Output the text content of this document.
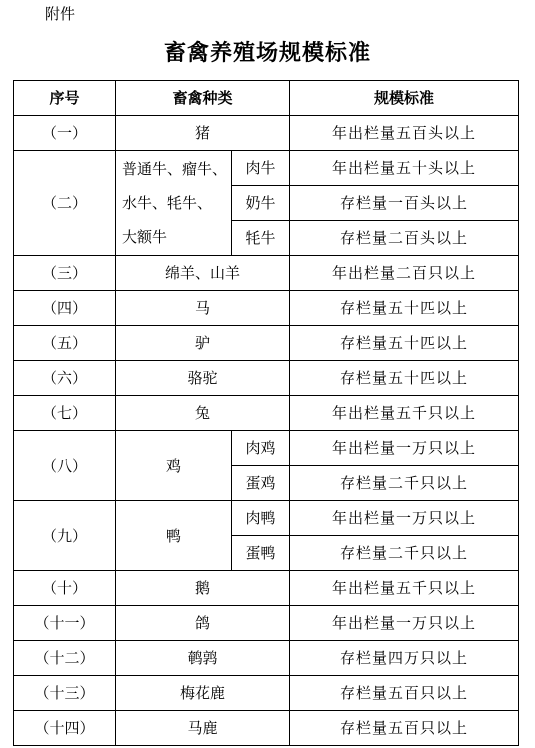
附件
畜禽养殖场规模标准
序号	畜禽种类		规模标准
（一）	猪		年出栏量五百头以上
（二）	普通牛、瘤牛、
水牛、牦牛、
大额牛	肉牛	年出栏量五十头以上
		奶牛	存栏量一百头以上
		牦牛	存栏量二百头以上
（三）	绵羊、山羊		年出栏量二百只以上
（四）	马		存栏量五十匹以上
（五）	驴		存栏量五十匹以上
（六）	骆驼		存栏量五十匹以上
（七）	兔		年出栏量五千只以上
（八）	鸡	肉鸡	年出栏量一万只以上
		蛋鸡	存栏量二千只以上
（九）	鸭	肉鸭	年出栏量一万只以上
		蛋鸭	存栏量二千只以上
（十）	鹅		年出栏量五千只以上
（十一）	鸽		年出栏量一万只以上
（十二）	鹌鹑		存栏量四万只以上
（十三）	梅花鹿		存栏量五百只以上
（十四）	马鹿		存栏量五百只以上
